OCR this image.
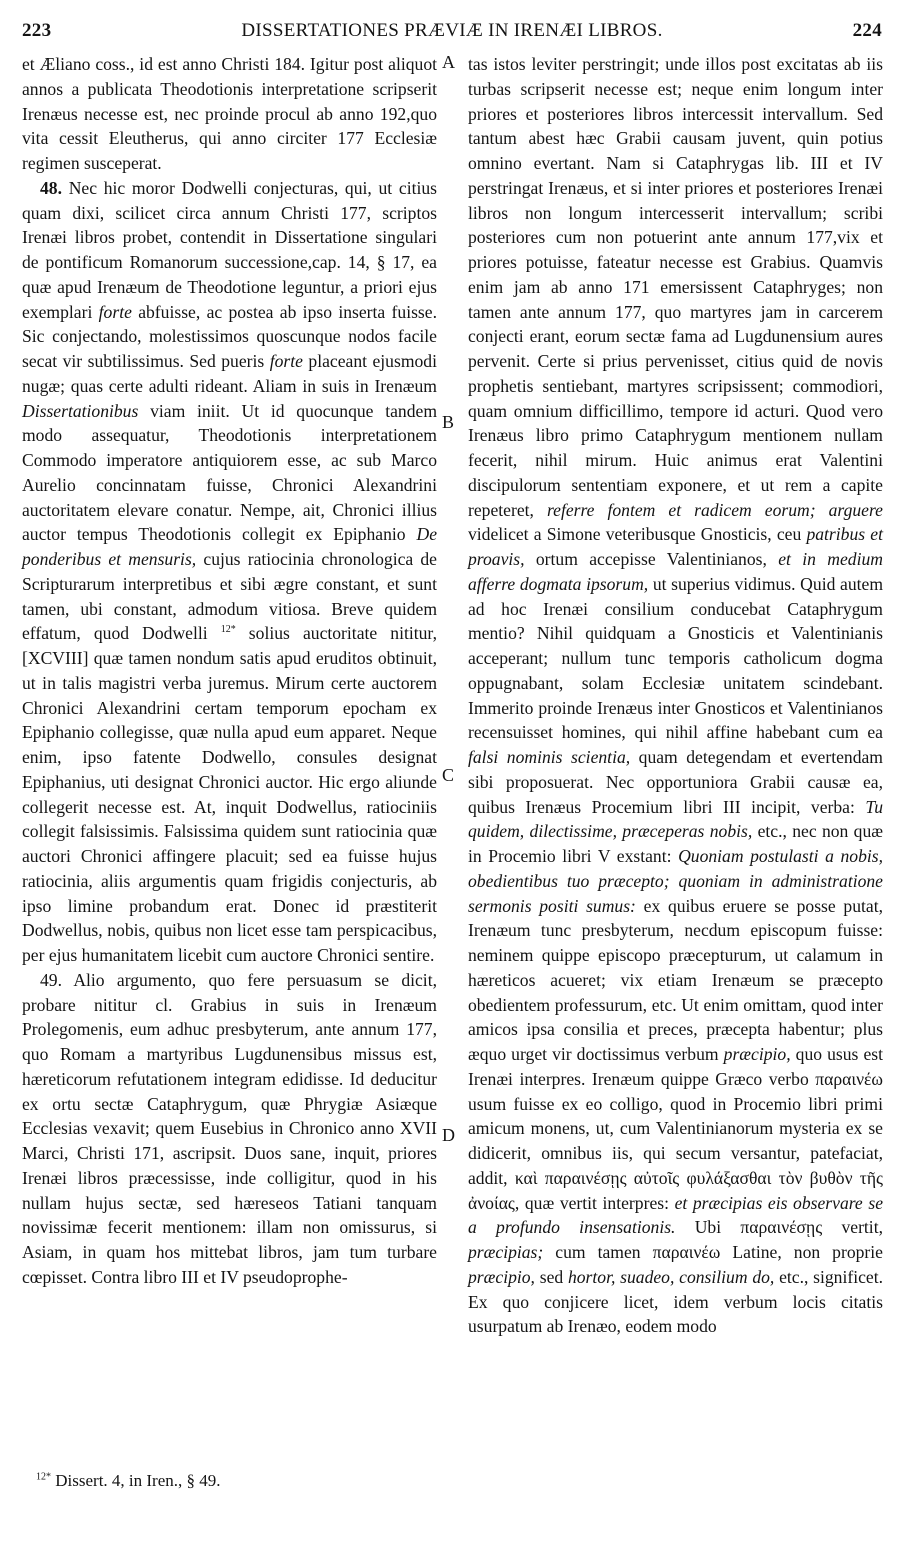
223	DISSERTATIONES PRÆVIÆ IN IRENÆI LIBROS.	224

et Æliano coss., id est anno Christi 184. Igitur post aliquot annos a publicata Theodotionis interpretatione scripserit Irenæus necesse est, nec proinde procul ab anno 192,quo vita cessit Eleutherus, qui anno circiter 177 Ecclesiæ regimen susceperat.

48. Nec hic moror Dodwelli conjecturas, qui, ut citius quam dixi, scilicet circa annum Christi 177, scriptos Irenæi libros probet, contendit in Dissertatione singulari de pontificum Romanorum successione,cap. 14, § 17, ea quæ apud Irenæum de Theodotione leguntur, a priori ejus exemplari forte abfuisse, ac postea ab ipso inserta fuisse. Sic conjectando, molestissimos quoscunque nodos facile secat vir subtilissimus. Sed pueris forte placeant ejusmodi nugæ; quas certe adulti rideant. Aliam in suis in Irenæum Dissertationibus viam iniit. Ut id quocunque tandem modo assequatur, Theodotionis interpretationem Commodo imperatore antiquiorem esse, ac sub Marco Aurelio concinnatam fuisse, Chronici Alexandrini auctoritatem elevare conatur. Nempe, ait, Chronici illius auctor tempus Theodotionis collegit ex Epiphanio De ponderibus et mensuris, cujus ratiocinia chronologica de Scripturarum interpretibus et sibi ægre constant, et sunt tamen, ubi constant, admodum vitiosa. Breve quidem effatum, quod Dodwelli $^{12*}$ solius auctoritate nititur, [XCVIII] quæ tamen nondum satis apud eruditos obtinuit, ut in talis magistri verba juremus. Mirum certe auctorem Chronici Alexandrini certam temporum epocham ex Epiphanio collegisse, quæ nulla apud eum apparet. Neque enim, ipso fatente Dodwello, consules designat Epiphanius, uti designat Chronici auctor. Hic ergo aliunde collegerit necesse est. At, inquit Dodwellus, ratiociniis collegit falsissimis. Falsissima quidem sunt ratiocinia quæ auctori Chronici affingere placuit; sed ea fuisse hujus ratiocinia, aliis argumentis quam frigidis conjecturis, ab ipso limine probandum erat. Donec id præstiterit Dodwellus, nobis, quibus non licet esse tam perspicacibus, per ejus humanitatem licebit cum auctore Chronici sentire.

49. Alio argumento, quo fere persuasum se dicit, probare nititur cl. Grabius in suis in Irenæum Prolegomenis, eum adhuc presbyterum, ante annum 177, quo Romam a martyribus Lugdunensibus missus est, hæreticorum refutationem integram edidisse. Id deducitur ex ortu sectæ Cataphrygum, quæ Phrygiæ Asiæque Ecclesias vexavit; quem Eusebius in Chronico anno XVII Marci, Christi 171, ascripsit. Duos sane, inquit, priores Irenæi libros præcessisse, inde colligitur, quod in his nullam hujus sectæ, sed hæreseos Tatiani tanquam novissimæ fecerit mentionem: illam non omissurus, si Asiam, in quam hos mittebat libros, jam tum turbare cœpisset. Contra libro III et IV pseudoprophe-

tas istos leviter perstringit; unde illos post excitatas ab iis turbas scripserit necesse est; neque enim longum inter priores et posteriores libros intercessit intervallum. Sed tantum abest hæc Grabii causam juvent, quin potius omnino evertant. Nam si Cataphrygas lib. III et IV perstringat Irenæus, et si inter priores et posteriores Irenæi libros non longum intercesserit intervallum; scribi posteriores cum non potuerint ante annum 177,vix et priores potuisse, fateatur necesse est Grabius. Quamvis enim jam ab anno 171 emersissent Cataphryges; non tamen ante annum 177, quo martyres jam in carcerem conjecti erant, eorum sectæ fama ad Lugdunensium aures pervenit. Certe si prius pervenisset, citius quid de novis prophetis sentiebant, martyres scripsissent; commodiori, quam omnium difficillimo, tempore id acturi. Quod vero Irenæus libro primo Cataphrygum mentionem nullam fecerit, nihil mirum. Huic animus erat Valentini discipulorum sententiam exponere, et ut rem a capite repeteret, referre fontem et radicem eorum; arguere videlicet a Simone veteribusque Gnosticis, ceu patribus et proavis, ortum accepisse Valentinianos, et in medium afferre dogmata ipsorum, ut superius vidimus. Quid autem ad hoc Irenæi consilium conducebat Cataphrygum mentio? Nihil quidquam a Gnosticis et Valentinianis acceperant; nullum tunc temporis catholicum dogma oppugnabant, solam Ecclesiæ unitatem scindebant. Immerito proinde Irenæus inter Gnosticos et Valentinianos recensuisset homines, qui nihil affine habebant cum ea falsi nominis scientia, quam detegendam et evertendam sibi proposuerat. Nec opportuniora Grabii causæ ea, quibus Irenæus Procemium libri III incipit, verba: Tu quidem, dilectissime, præceperas nobis, etc., nec non quæ in Procemio libri V exstant: Quoniam postulasti a nobis, obedientibus tuo præcepto; quoniam in administratione sermonis positi sumus: ex quibus eruere se posse putat, Irenæum tunc presbyterum, necdum episcopum fuisse: neminem quippe episcopo præcepturum, ut calamum in hæreticos acueret; vix etiam Irenæum se præcepto obedientem professurum, etc. Ut enim omittam, quod inter amicos ipsa consilia et preces, præcepta habentur; plus æquo urget vir doctissimus verbum præcipio, quo usus est Irenæi interpres. Irenæum quippe Græco verbo παραινέω usum fuisse ex eo colligo, quod in Procemio libri primi amicum monens, ut, cum Valentinianorum mysteria ex se didicerit, omnibus iis, qui secum versantur, patefaciat, addit, καὶ παραινέσῃς αὐτοῖς φυλάξασθαι τὸν βυθὸν τῆς ἀνοίας, quæ vertit interpres: et præcipias eis observare se a profundo insensationis. Ubi παραινέσῃς vertit, præcipias; cum tamen παραινέω Latine, non proprie præcipio, sed hortor, suadeo, consilium do, etc., significet. Ex quo conjicere licet, idem verbum locis citatis usurpatum ab Irenæo, eodem modo

A
B
C
D
$^{12*}$ Dissert. 4, in Iren., § 49.
